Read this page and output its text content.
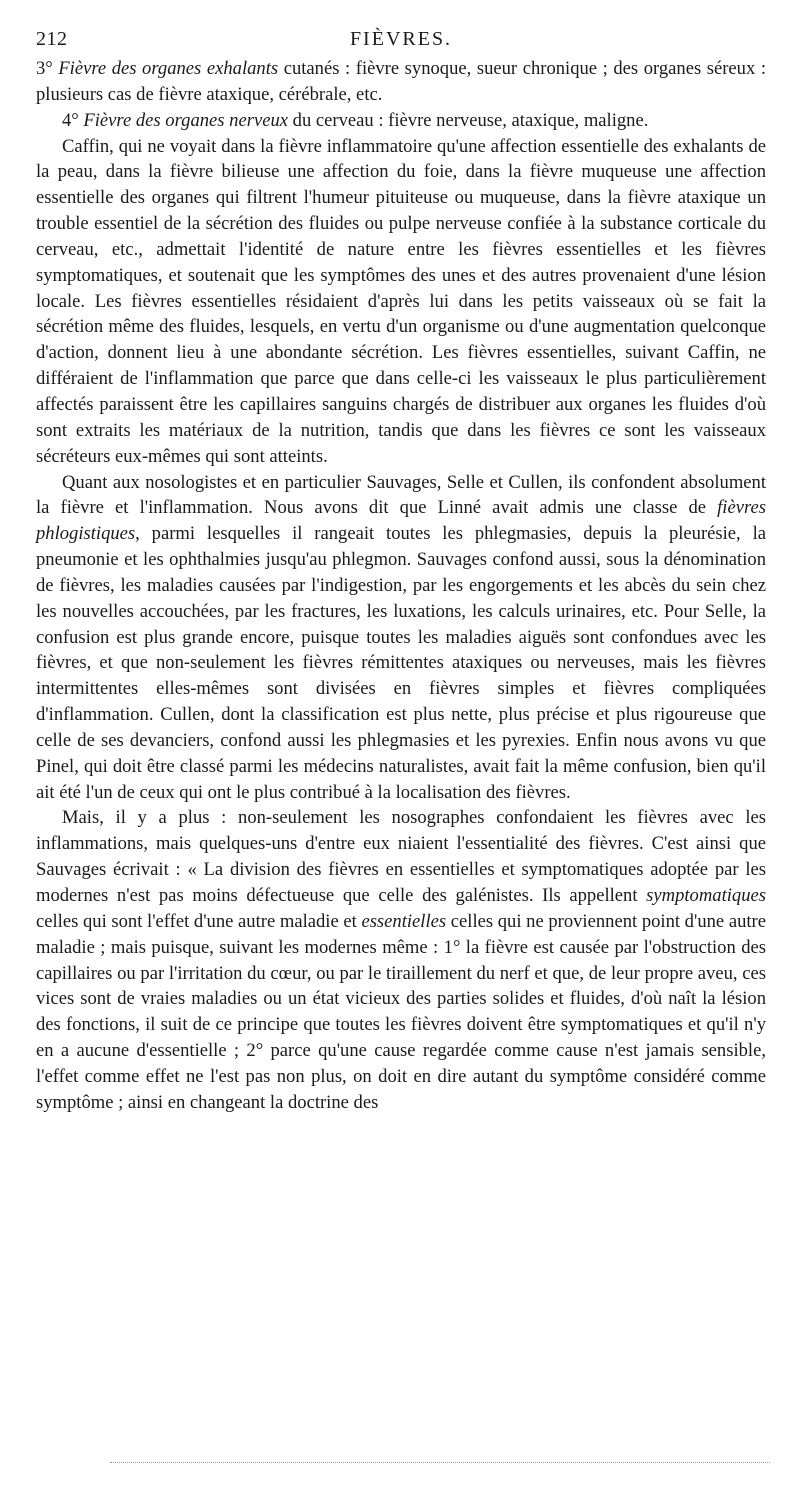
212	FIÈVRES.

3° Fièvre des organes exhalants cutanés : fièvre synoque, sueur chronique ; des organes séreux : plusieurs cas de fièvre ataxique, cérébrale, etc.

4° Fièvre des organes nerveux du cerveau : fièvre nerveuse, ataxique, maligne.

Caffin, qui ne voyait dans la fièvre inflammatoire qu'une affection essentielle des exhalants de la peau, dans la fièvre bilieuse une affection du foie, dans la fièvre muqueuse une affection essentielle des organes qui filtrent l'humeur pituiteuse ou muqueuse, dans la fièvre ataxique un trouble essentiel de la sécrétion des fluides ou pulpe nerveuse confiée à la substance corticale du cerveau, etc., admettait l'identité de nature entre les fièvres essentielles et les fièvres symptomatiques, et soutenait que les symptômes des unes et des autres provenaient d'une lésion locale. Les fièvres essentielles résidaient d'après lui dans les petits vaisseaux où se fait la sécrétion même des fluides, lesquels, en vertu d'un organisme ou d'une augmentation quelconque d'action, donnent lieu à une abondante sécrétion. Les fièvres essentielles, suivant Caffin, ne différaient de l'inflammation que parce que dans celle-ci les vaisseaux le plus particulièrement affectés paraissent être les capillaires sanguins chargés de distribuer aux organes les fluides d'où sont extraits les matériaux de la nutrition, tandis que dans les fièvres ce sont les vaisseaux sécréteurs eux-mêmes qui sont atteints.

Quant aux nosologistes et en particulier Sauvages, Selle et Cullen, ils confondent absolument la fièvre et l'inflammation. Nous avons dit que Linné avait admis une classe de fièvres phlogistiques, parmi lesquelles il rangeait toutes les phlegmasies, depuis la pleurésie, la pneumonie et les ophthalmies jusqu'au phlegmon. Sauvages confond aussi, sous la dénomination de fièvres, les maladies causées par l'indigestion, par les engorgements et les abcès du sein chez les nouvelles accouchées, par les fractures, les luxations, les calculs urinaires, etc. Pour Selle, la confusion est plus grande encore, puisque toutes les maladies aiguës sont confondues avec les fièvres, et que non-seulement les fièvres rémittentes ataxiques ou nerveuses, mais les fièvres intermittentes elles-mêmes sont divisées en fièvres simples et fièvres compliquées d'inflammation. Cullen, dont la classification est plus nette, plus précise et plus rigoureuse que celle de ses devanciers, confond aussi les phlegmasies et les pyrexies. Enfin nous avons vu que Pinel, qui doit être classé parmi les médecins naturalistes, avait fait la même confusion, bien qu'il ait été l'un de ceux qui ont le plus contribué à la localisation des fièvres.

Mais, il y a plus : non-seulement les nosographes confondaient les fièvres avec les inflammations, mais quelques-uns d'entre eux niaient l'essentialité des fièvres. C'est ainsi que Sauvages écrivait : « La division des fièvres en essentielles et symptomatiques adoptée par les modernes n'est pas moins défectueuse que celle des galénistes. Ils appellent symptomatiques celles qui sont l'effet d'une autre maladie et essentielles celles qui ne proviennent point d'une autre maladie ; mais puisque, suivant les modernes même : 1° la fièvre est causée par l'obstruction des capillaires ou par l'irritation du cœur, ou par le tiraillement du nerf et que, de leur propre aveu, ces vices sont de vraies maladies ou un état vicieux des parties solides et fluides, d'où naît la lésion des fonctions, il suit de ce principe que toutes les fièvres doivent être symptomatiques et qu'il n'y en a aucune d'essentielle ; 2° parce qu'une cause regardée comme cause n'est jamais sensible, l'effet comme effet ne l'est pas non plus, on doit en dire autant du symptôme considéré comme symptôme ; ainsi en changeant la doctrine des
